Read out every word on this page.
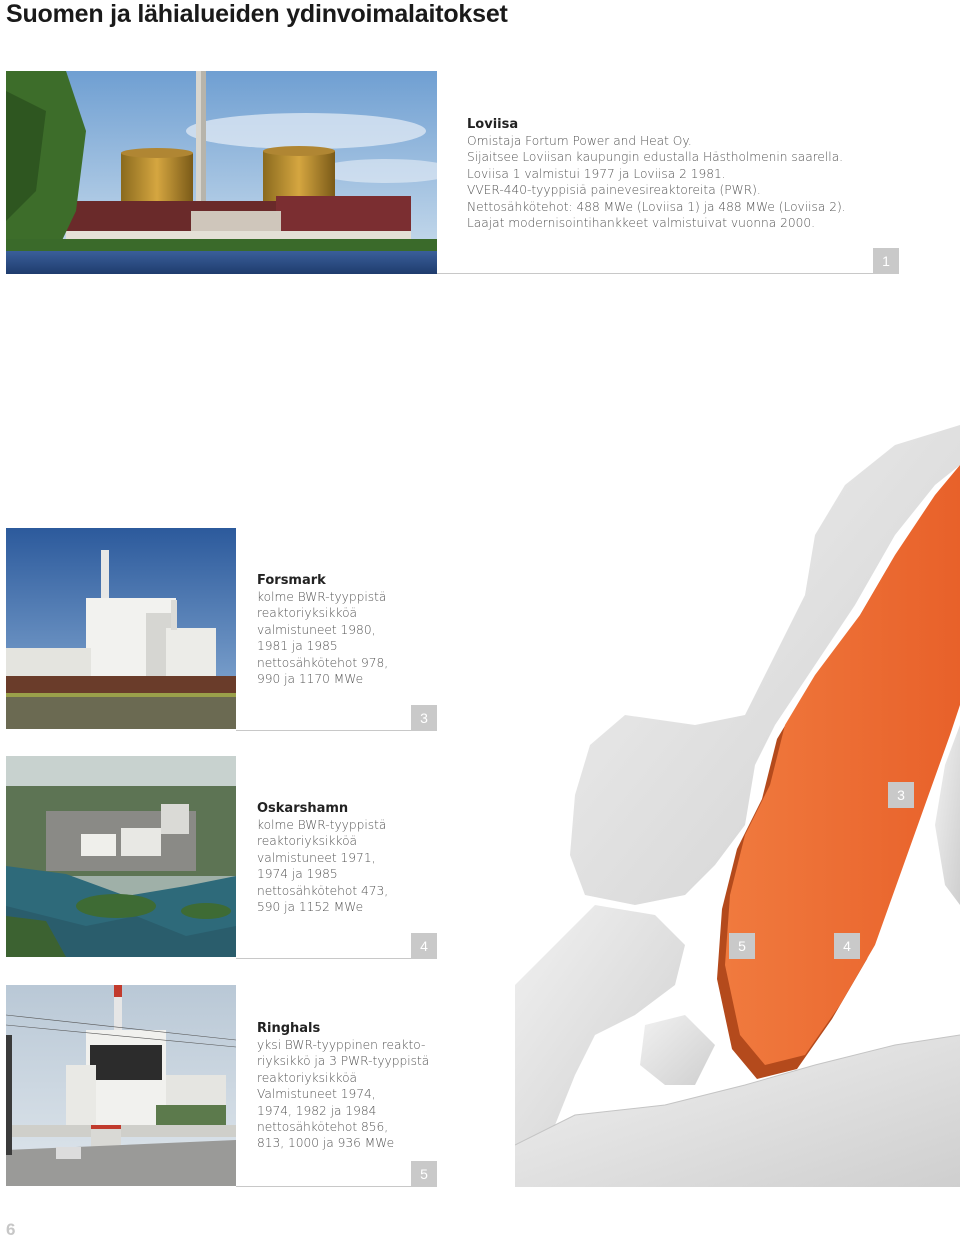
Suomen ja lähialueiden ydinvoimalaitokset
Loviisa
Omistaja Fortum Power and Heat Oy.
Sijaitsee Loviisan kaupungin edustalla Hästholmenin saarella.
Loviisa 1 valmistui 1977 ja Loviisa 2 1981.
VVER-440-tyyppisiä painevesireaktoreita (PWR).
Nettosähkötehot: 488 MWe (Loviisa 1) ja 488 MWe (Loviisa 2).
Laajat modernisointihankkeet valmistuivat vuonna 2000.
1
3
5	4
Forsmark
kolme BWR-tyyppistä
reaktoriyksikköä
valmistuneet 1980,
1981 ja 1985
nettosähkötehot 978,
990 ja 1170 MWe
3
Oskarshamn
kolme BWR-tyyppistä
reaktoriyksikköä
valmistuneet 1971,
1974 ja 1985
nettosähkötehot 473,
590 ja 1152 MWe
4
Ringhals
yksi BWR-tyyppinen reakto-
riyksikkö ja 3 PWR-tyyppistä
reaktoriyksikköä
Valmistuneet 1974,
1974, 1982 ja 1984
nettosähkötehot 856,
813, 1000 ja 936 MWe
5
6
